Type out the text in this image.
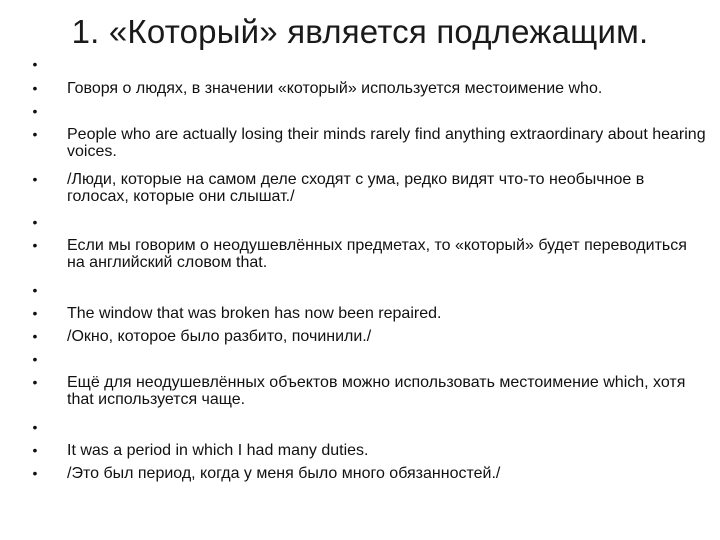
1. «Который» является подлежащим.
•
•
•
•
•
•
•
•
•
•
•
•
•
•
•
Говоря о людях, в значении «который» используется местоимение who.
People who are actually losing their minds rarely find anything extraordinary about hearing voices.
/Люди, которые на самом деле сходят с ума, редко видят что-то необычное в голосах, которые они слышат./
Если мы говорим о неодушевлённых предметах, то «который» будет переводиться на английский словом that.
The window that was broken has now been repaired.
/Окно, которое было разбито, починили./
Ещё для неодушевлённых объектов можно использовать местоимение which, хотя that используется чаще.
It was a period in which I had many duties.
/Это был период, когда у меня было много обязанностей./
